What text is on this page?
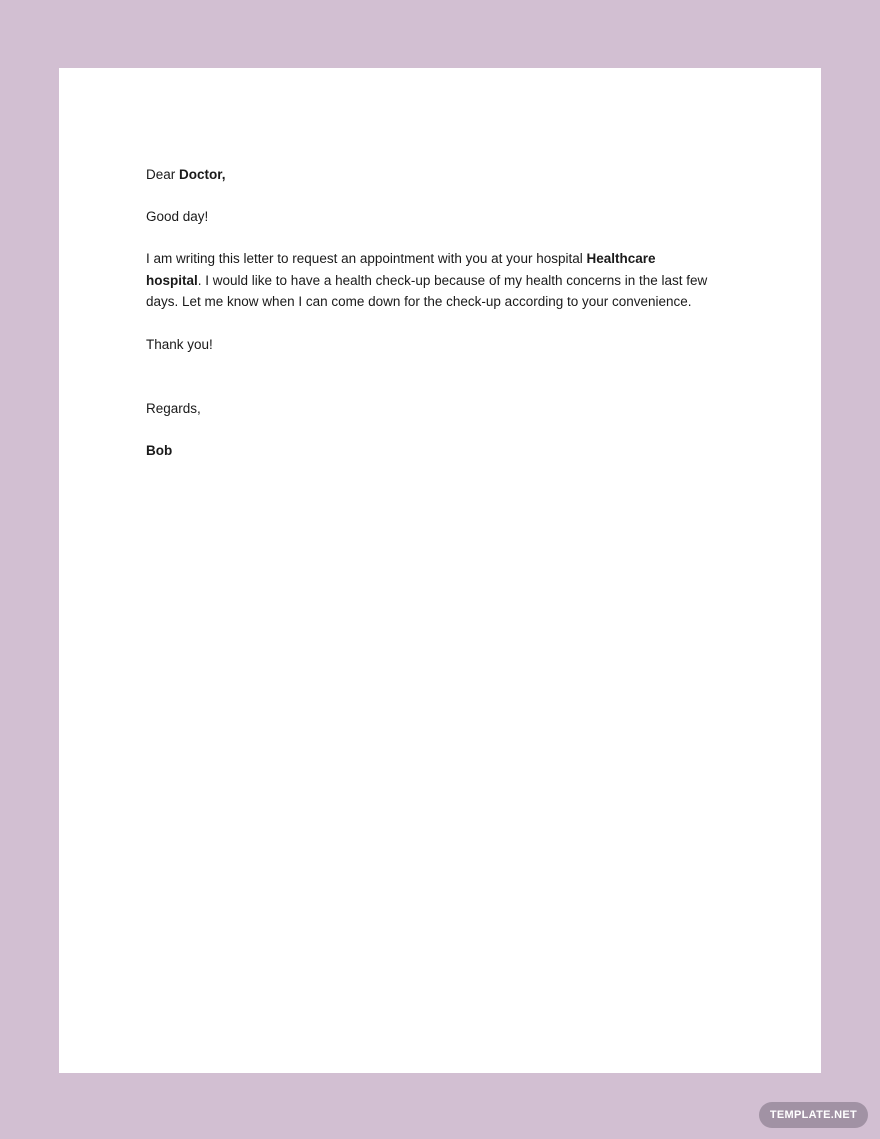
Dear Doctor,

Good day!

I am writing this letter to request an appointment with you at your hospital Healthcare
hospital. I would like to have a health check-up because of my health concerns in the last few
days. Let me know when I can come down for the check-up according to your convenience.

Thank you!

Regards,

Bob

TEMPLATE.NET
